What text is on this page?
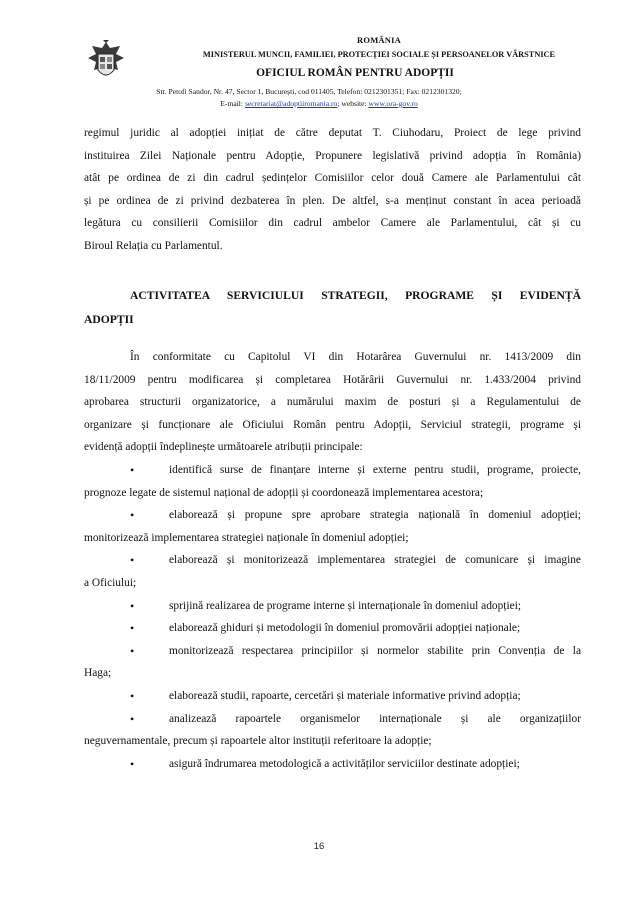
ROMÂNIA
MINISTERUL MUNCII, FAMILIEI, PROTECȚIEI SOCIALE ȘI PERSOANELOR VÂRSTNICE
OFICIUL ROMÂN PENTRU ADOPȚII
Str. Petofi Sandor, Nr. 47, Sector 1, București, cod 011405, Telefon: 0212301351; Fax: 0212301320;
E-mail: secretariat@adoptiiromania.ro; website: www.ora-gov.ro

regimul juridic al adopției inițiat de către deputat T. Ciuhodaru, Proiect de lege privind

instituirea Zilei Naționale pentru Adopție, Propunere legislativă privind adopția în România)

atât pe ordinea de zi din cadrul ședințelor Comisiilor celor două Camere ale Parlamentului cât

și pe ordinea de zi privind dezbaterea în plen. De altfel, s-a menținut constant în acea perioadă

legătura cu consilierii Comisiilor din cadrul ambelor Camere ale Parlamentului, cât și cu

Biroul Relația cu Parlamentul.

ACTIVITATEA SERVICIULUI STRATEGII, PROGRAME ȘI EVIDENȚĂ
ADOPȚII

În conformitate cu Capitolul VI din Hotarârea Guvernului nr. 1413/2009 din

18/11/2009 pentru modificarea și completarea Hotărârii Guvernului nr. 1.433/2004 privind

aprobarea structurii organizatorice, a numărului maxim de posturi și a Regulamentului de

organizare și funcționare ale Oficiului Român pentru Adopții, Serviciul strategii, programe și

evidență adopții îndeplinește următoarele atribuții principale:

•
identifică surse de finanțare interne și externe pentru studii, programe, proiecte,
prognoze legate de sistemul național de adopții și coordonează implementarea acestora;
•
elaborează și propune spre aprobare strategia națională în domeniul adopției;
monitorizează implementarea strategiei naționale în domeniul adopției;
•
elaborează și monitorizează implementarea strategiei de comunicare și imagine
a Oficiului;
•
sprijină realizarea de programe interne și internaționale în domeniul adopției;
•
elaborează ghiduri și metodologii în domeniul promovării adopției naționale;
•
monitorizează respectarea principiilor și normelor stabilite prin Convenția de la
Haga;
•
elaborează studii, rapoarte, cercetări și materiale informative privind adopția;
•
analizează rapoartele organismelor internaționale și ale organizațiilor
neguvernamentale, precum și rapoartele altor instituții referitoare la adopție;
•
asigură îndrumarea metodologică a activităților serviciilor destinate adopției;
16
